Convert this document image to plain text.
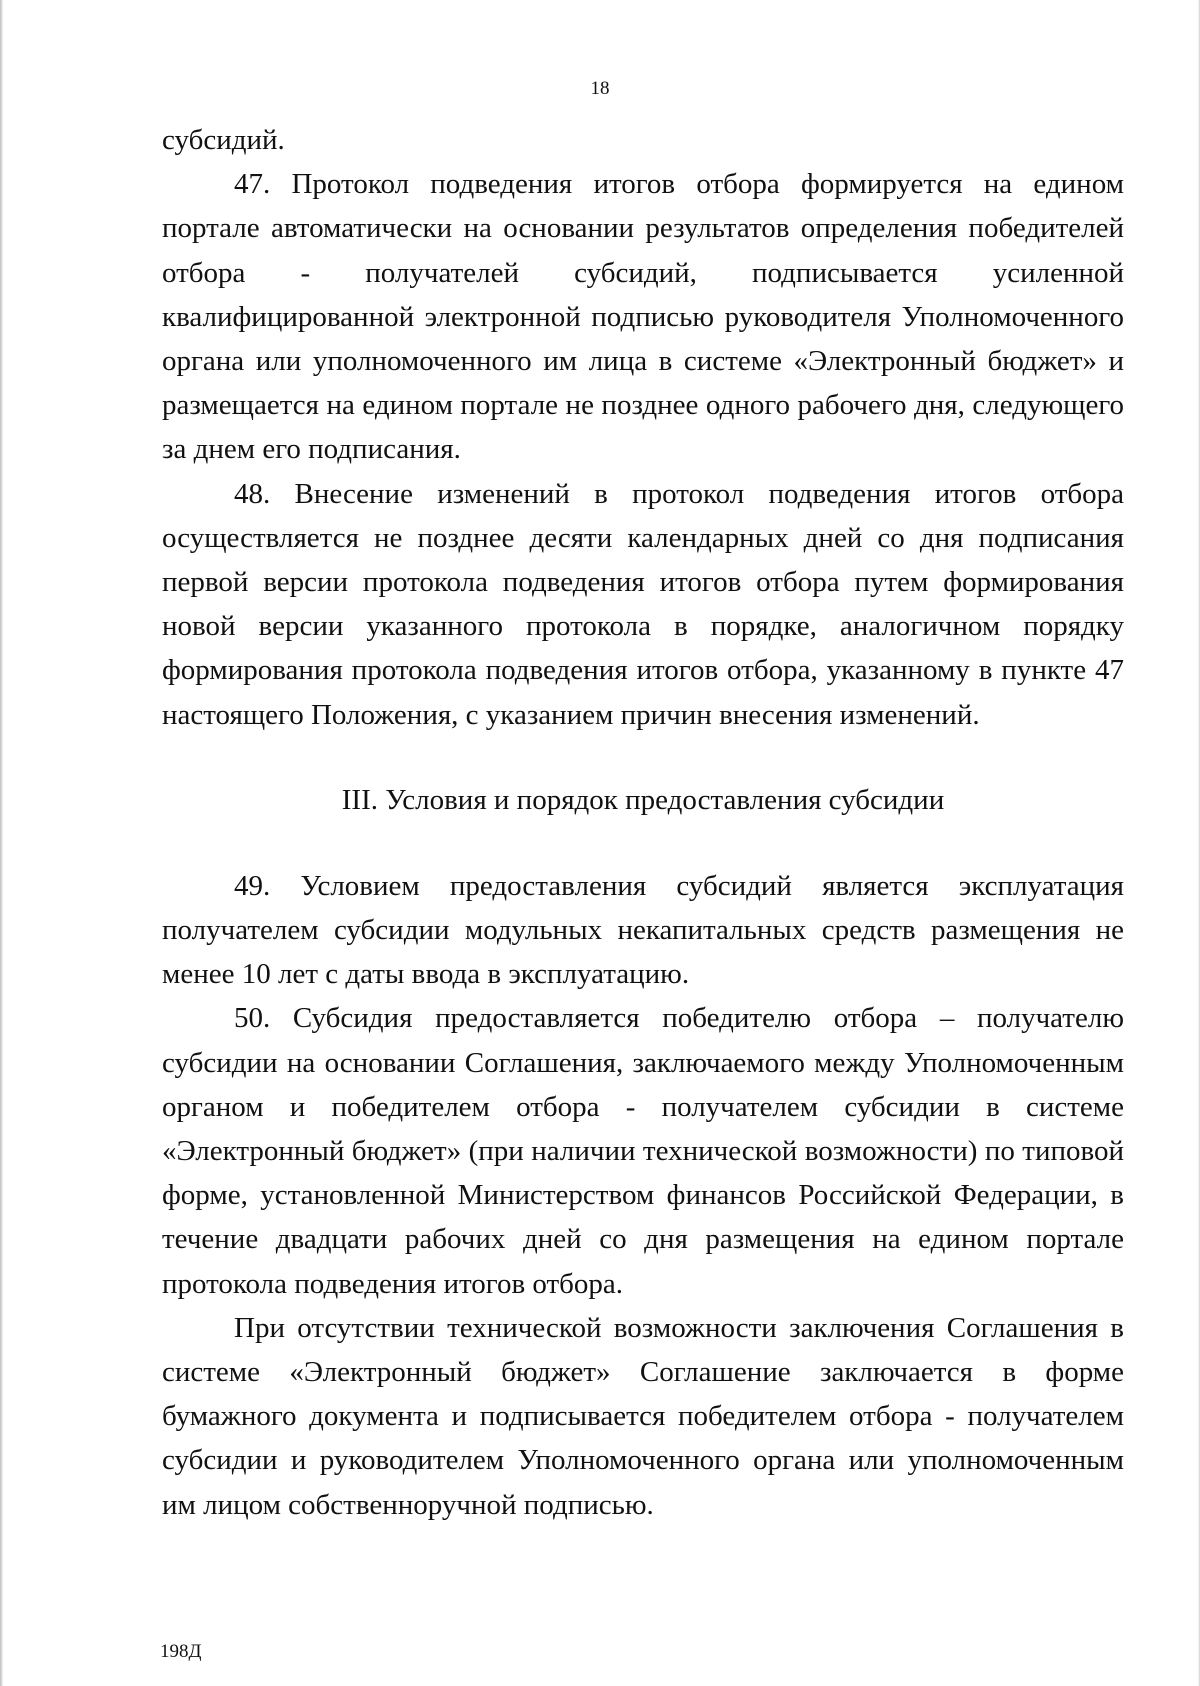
18

субсидий.

47. Протокол подведения итогов отбора формируется на едином портале автоматически на основании результатов определения победителей отбора - получателей субсидий, подписывается усиленной квалифицированной электронной подписью руководителя Уполномоченного органа или уполномоченного им лица в системе «Электронный бюджет» и размещается на едином портале не позднее одного рабочего дня, следующего за днем его подписания.

48. Внесение изменений в протокол подведения итогов отбора осуществляется не позднее десяти календарных дней со дня подписания первой версии протокола подведения итогов отбора путем формирования новой версии указанного протокола в порядке, аналогичном порядку формирования протокола подведения итогов отбора, указанному в пункте 47 настоящего Положения, с указанием причин внесения изменений.

III. Условия и порядок предоставления субсидии

49. Условием предоставления субсидий является эксплуатация получателем субсидии модульных некапитальных средств размещения не менее 10 лет с даты ввода в эксплуатацию.

50. Субсидия предоставляется победителю отбора – получателю субсидии на основании Соглашения, заключаемого между Уполномоченным органом и победителем отбора - получателем субсидии в системе «Электронный бюджет» (при наличии технической возможности) по типовой форме, установленной Министерством финансов Российской Федерации, в течение двадцати рабочих дней со дня размещения на едином портале протокола подведения итогов отбора.

При отсутствии технической возможности заключения Соглашения в системе «Электронный бюджет» Соглашение заключается в форме бумажного документа и подписывается победителем отбора - получателем субсидии и руководителем Уполномоченного органа или уполномоченным им лицом собственноручной подписью.

198Д
